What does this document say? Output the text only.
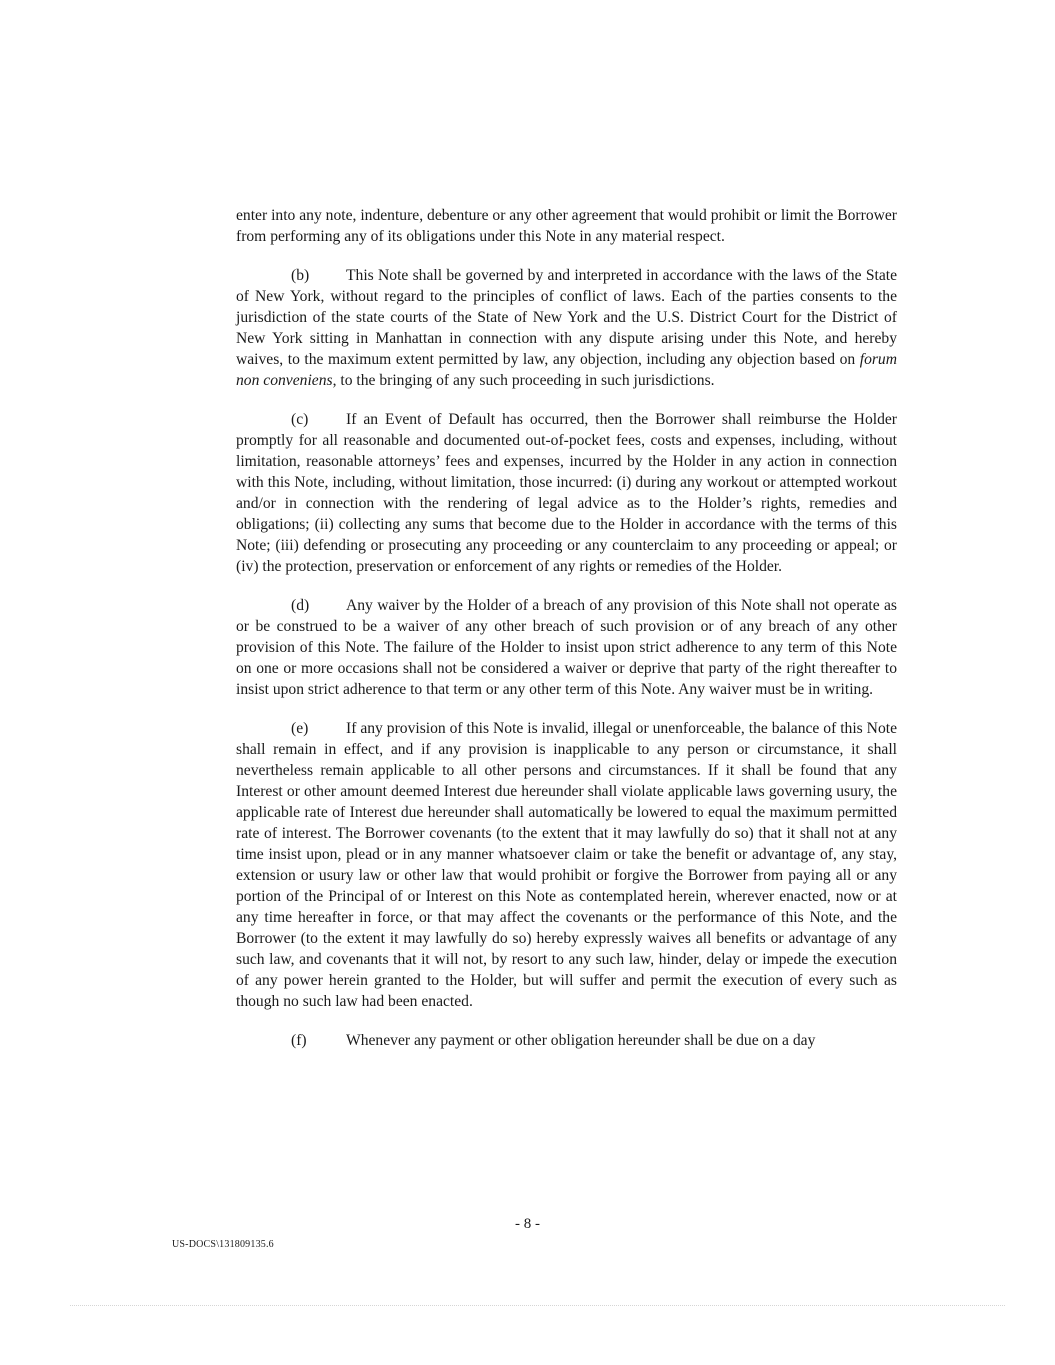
enter into any note, indenture, debenture or any other agreement that would prohibit or limit the Borrower from performing any of its obligations under this Note in any material respect.

(b) This Note shall be governed by and interpreted in accordance with the laws of the State of New York, without regard to the principles of conflict of laws. Each of the parties consents to the jurisdiction of the state courts of the State of New York and the U.S. District Court for the District of New York sitting in Manhattan in connection with any dispute arising under this Note, and hereby waives, to the maximum extent permitted by law, any objection, including any objection based on forum non conveniens, to the bringing of any such proceeding in such jurisdictions.

(c) If an Event of Default has occurred, then the Borrower shall reimburse the Holder promptly for all reasonable and documented out-of-pocket fees, costs and expenses, including, without limitation, reasonable attorneys’ fees and expenses, incurred by the Holder in any action in connection with this Note, including, without limitation, those incurred: (i) during any workout or attempted workout and/or in connection with the rendering of legal advice as to the Holder’s rights, remedies and obligations; (ii) collecting any sums that become due to the Holder in accordance with the terms of this Note; (iii) defending or prosecuting any proceeding or any counterclaim to any proceeding or appeal; or (iv) the protection, preservation or enforcement of any rights or remedies of the Holder.

(d) Any waiver by the Holder of a breach of any provision of this Note shall not operate as or be construed to be a waiver of any other breach of such provision or of any breach of any other provision of this Note. The failure of the Holder to insist upon strict adherence to any term of this Note on one or more occasions shall not be considered a waiver or deprive that party of the right thereafter to insist upon strict adherence to that term or any other term of this Note. Any waiver must be in writing.

(e) If any provision of this Note is invalid, illegal or unenforceable, the balance of this Note shall remain in effect, and if any provision is inapplicable to any person or circumstance, it shall nevertheless remain applicable to all other persons and circumstances. If it shall be found that any Interest or other amount deemed Interest due hereunder shall violate applicable laws governing usury, the applicable rate of Interest due hereunder shall automatically be lowered to equal the maximum permitted rate of interest. The Borrower covenants (to the extent that it may lawfully do so) that it shall not at any time insist upon, plead or in any manner whatsoever claim or take the benefit or advantage of, any stay, extension or usury law or other law that would prohibit or forgive the Borrower from paying all or any portion of the Principal of or Interest on this Note as contemplated herein, wherever enacted, now or at any time hereafter in force, or that may affect the covenants or the performance of this Note, and the Borrower (to the extent it may lawfully do so) hereby expressly waives all benefits or advantage of any such law, and covenants that it will not, by resort to any such law, hinder, delay or impede the execution of any power herein granted to the Holder, but will suffer and permit the execution of every such as though no such law had been enacted.

(f)	Whenever any payment or other obligation hereunder shall be due on a day

- 8 -
US-DOCS\131809135.6
